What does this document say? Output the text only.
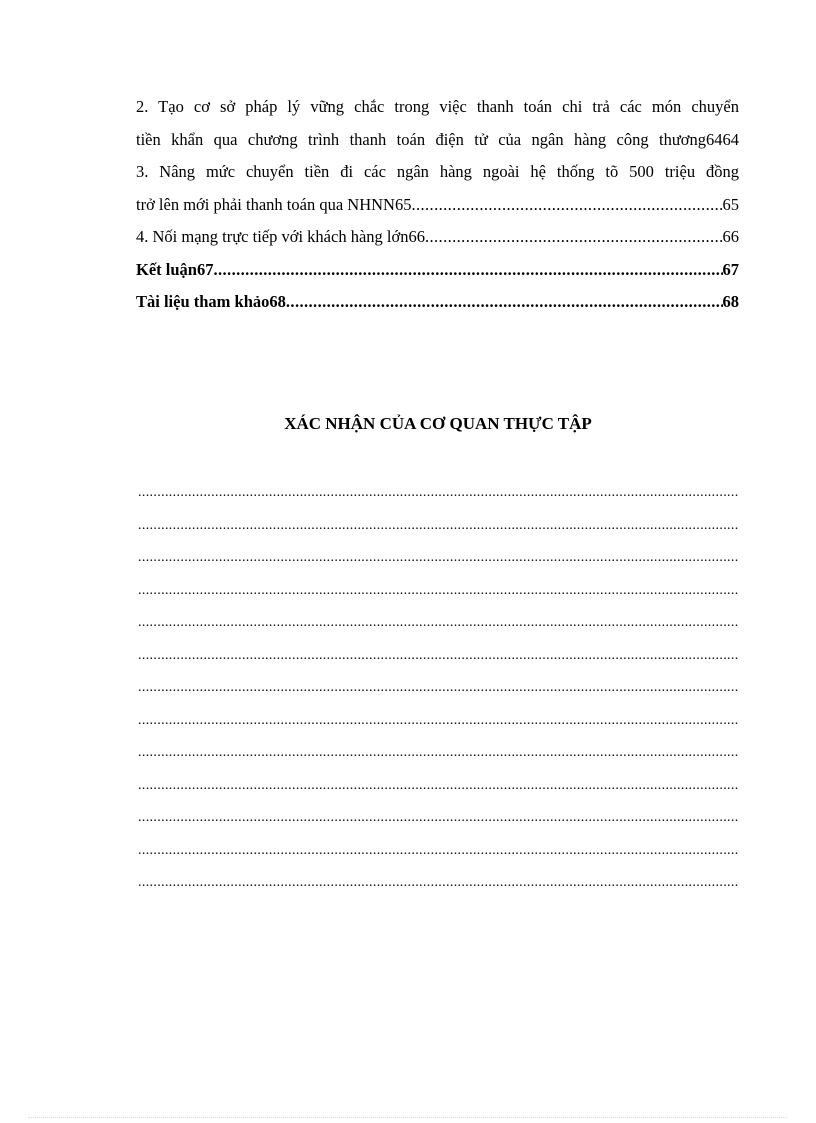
2. Tạo cơ sở pháp lý vững chắc trong việc thanh toán chi trả các món chuyển
tiền khẩn qua chương trình thanh toán điện tử của ngân hàng công thương6464
3. Nâng mức chuyển tiền đi các ngân hàng ngoài hệ thống tõ 500 triệu đồng
trở lên mới phải thanh toán qua NHNN65 .....	65
4. Nối mạng trực tiếp với khách hàng lớn66 .....	66
Kết luận67 .....	67
Tài liệu tham khảo68 .....	68
XÁC NHẬN CỦA CƠ QUAN THỰC TẬP
.....
.....
.....
.....
.....
.....
.....
.....
.....
.....
.....
.....
.....
